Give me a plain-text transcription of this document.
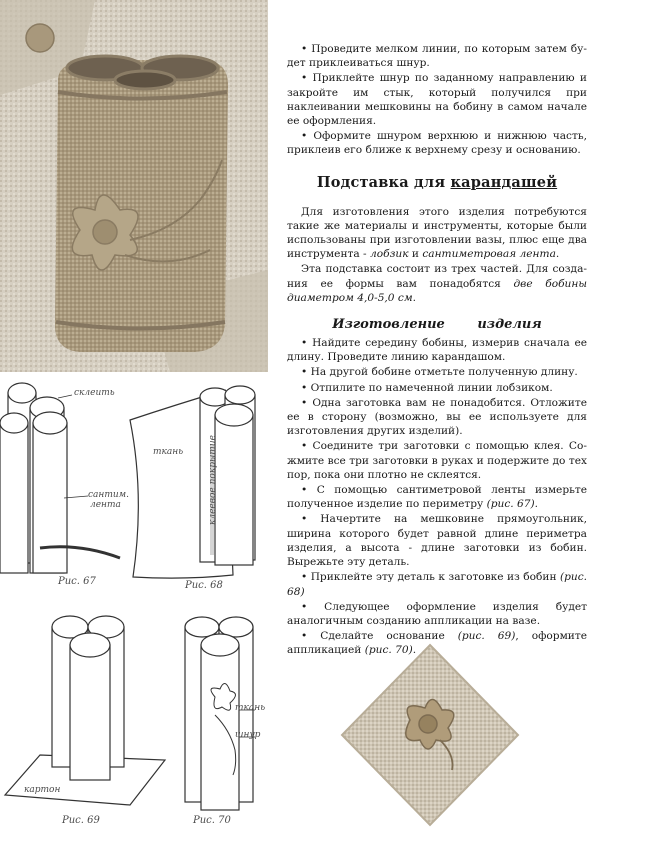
склеить
сантим.
лента
Рис. 67
ткань	клеевое покрытие
Рис. 68
картон
Рис. 69
ткань
шнур
Рис. 70

• Проведите мелком линии, по которым затем будет приклеиваться шнур.

• Приклейте шнур по заданному направлению и закройте им стык, который получился при наклеивании мешковины на бобину в самом начале ее оформления.

• Оформите шнуром верхнюю и нижнюю часть, приклеив его ближе к верхнему срезу и основанию.

Подставка для карандашей

Для изготовления этого изделия потребуются такие же материалы и инструменты, которые были использованы при изготовлении вазы, плюс еще два инструмента - лобзик и сантиметровая лента.

Эта подставка состоит из трех частей. Для создания ее формы вам понадобятся две бобины диаметром 4,0-5,0 см.

Изготовление изделия

• Найдите середину бобины, измерив сначала ее длину. Проведите линию карандашом.

• На другой бобине отметьте полученную длину.

• Отпилите по намеченной линии лобзиком.

• Одна заготовка вам не понадобится. Отложите ее в сторону (возможно, вы ее используете для изготовления других изделий).

• Соедините три заготовки с помощью клея. Сожмите все три заготовки в руках и подержите до тех пор, пока они плотно не склеятся.

• С помощью сантиметровой ленты измерьте полученное изделие по периметру (рис. 67).

• Начертите на мешковине прямоугольник, ширина которого будет равной длине периметра изделия, а высота - длине заготовки из бобин. Вырежьте эту деталь.

• Приклейте эту деталь к заготовке из бобин (рис. 68)

• Следующее оформление изделия будет аналогичным созданию аппликации на вазе.

• Сделайте основание (рис. 69), оформите аппликацией (рис. 70).
